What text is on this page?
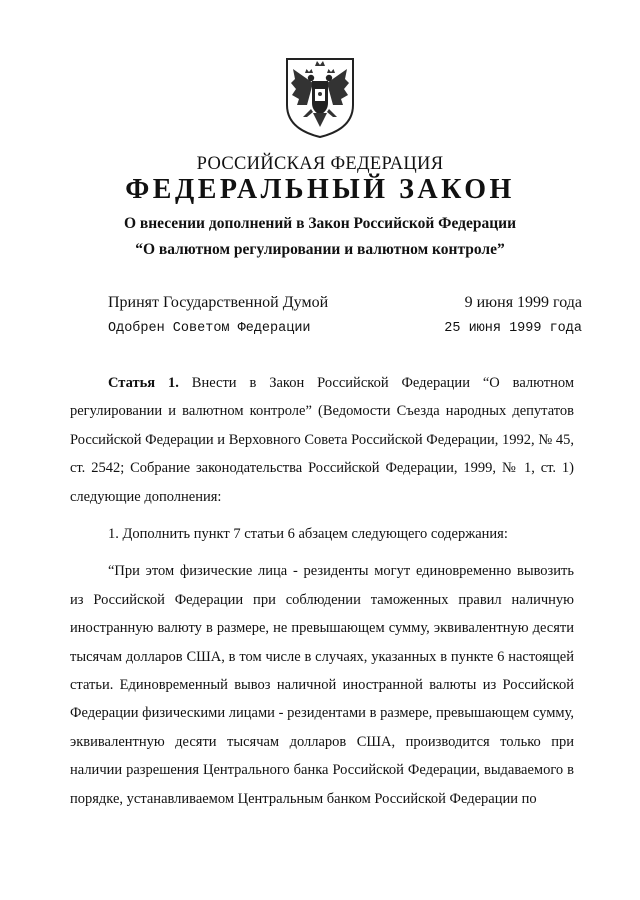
РОССИЙСКАЯ ФЕДЕРАЦИЯ
ФЕДЕРАЛЬНЫЙ ЗАКОН
О внесении дополнений в Закон Российской Федерации
“О валютном регулировании и валютном контроле”
Принят Государственной Думой	9 июня 1999 года
Одобрен Советом Федерации	25 июня 1999 года

Статья 1. Внести в Закон Российской Федерации “О валютном регулировании и валютном контроле” (Ведомости Съезда народных депутатов Российской Федерации и Верховного Совета Российской Федерации, 1992, № 45, ст. 2542; Собрание законодательства Российской Федерации, 1999, № 1, ст. 1) следующие дополнения:

1. Дополнить пункт 7 статьи 6 абзацем следующего содержания:

“При этом физические лица - резиденты могут единовременно вывозить из Российской Федерации при соблюдении таможенных правил наличную иностранную валюту в размере, не превышающем сумму, эквивалентную десяти тысячам долларов США, в том числе в случаях, указанных в пункте 6 настоящей статьи. Единовременный вывоз наличной иностранной валюты из Российской Федерации физическими лицами - резидентами в размере, превышающем сумму, эквивалентную десяти тысячам долларов США, производится только при наличии разрешения Центрального банка Российской Федерации, выдаваемого в порядке, устанавливаемом Центральным банком Российской Федерации по
